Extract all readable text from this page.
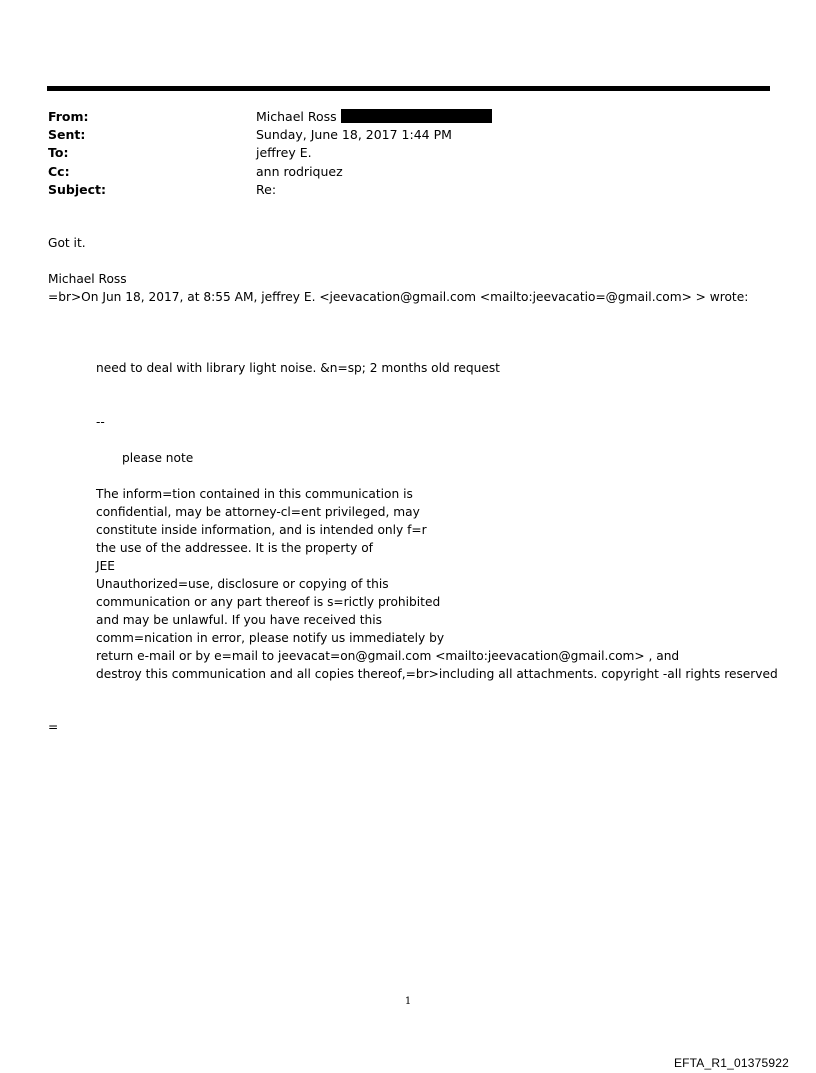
From:	Michael Ross
Sent:	Sunday, June 18, 2017 1:44 PM
To:	jeffrey E.
Cc:	ann rodriquez
Subject:	Re:
Got it.
Michael Ross
=br>On Jun 18, 2017, at 8:55 AM, jeffrey E. <jeevacation@gmail.com <mailto:jeevacatio=@gmail.com> > wrote:
need to deal with library light noise. &n=sp; 2 months old request
--
please note
The inform=tion contained in this communication is
confidential, may be attorney-cl=ent privileged, may
constitute inside information, and is intended only f=r
the use of the addressee. It is the property of
JEE
Unauthorized=use, disclosure or copying of this
communication or any part thereof is s=rictly prohibited
and may be unlawful. If you have received this
comm=nication in error, please notify us immediately by
return e-mail or by e=mail to jeevacat=on@gmail.com <mailto:jeevacation@gmail.com> , and
destroy this communication and all copies thereof,=br>including all attachments. copyright -all rights reserved
=
1
EFTA_R1_01375922
